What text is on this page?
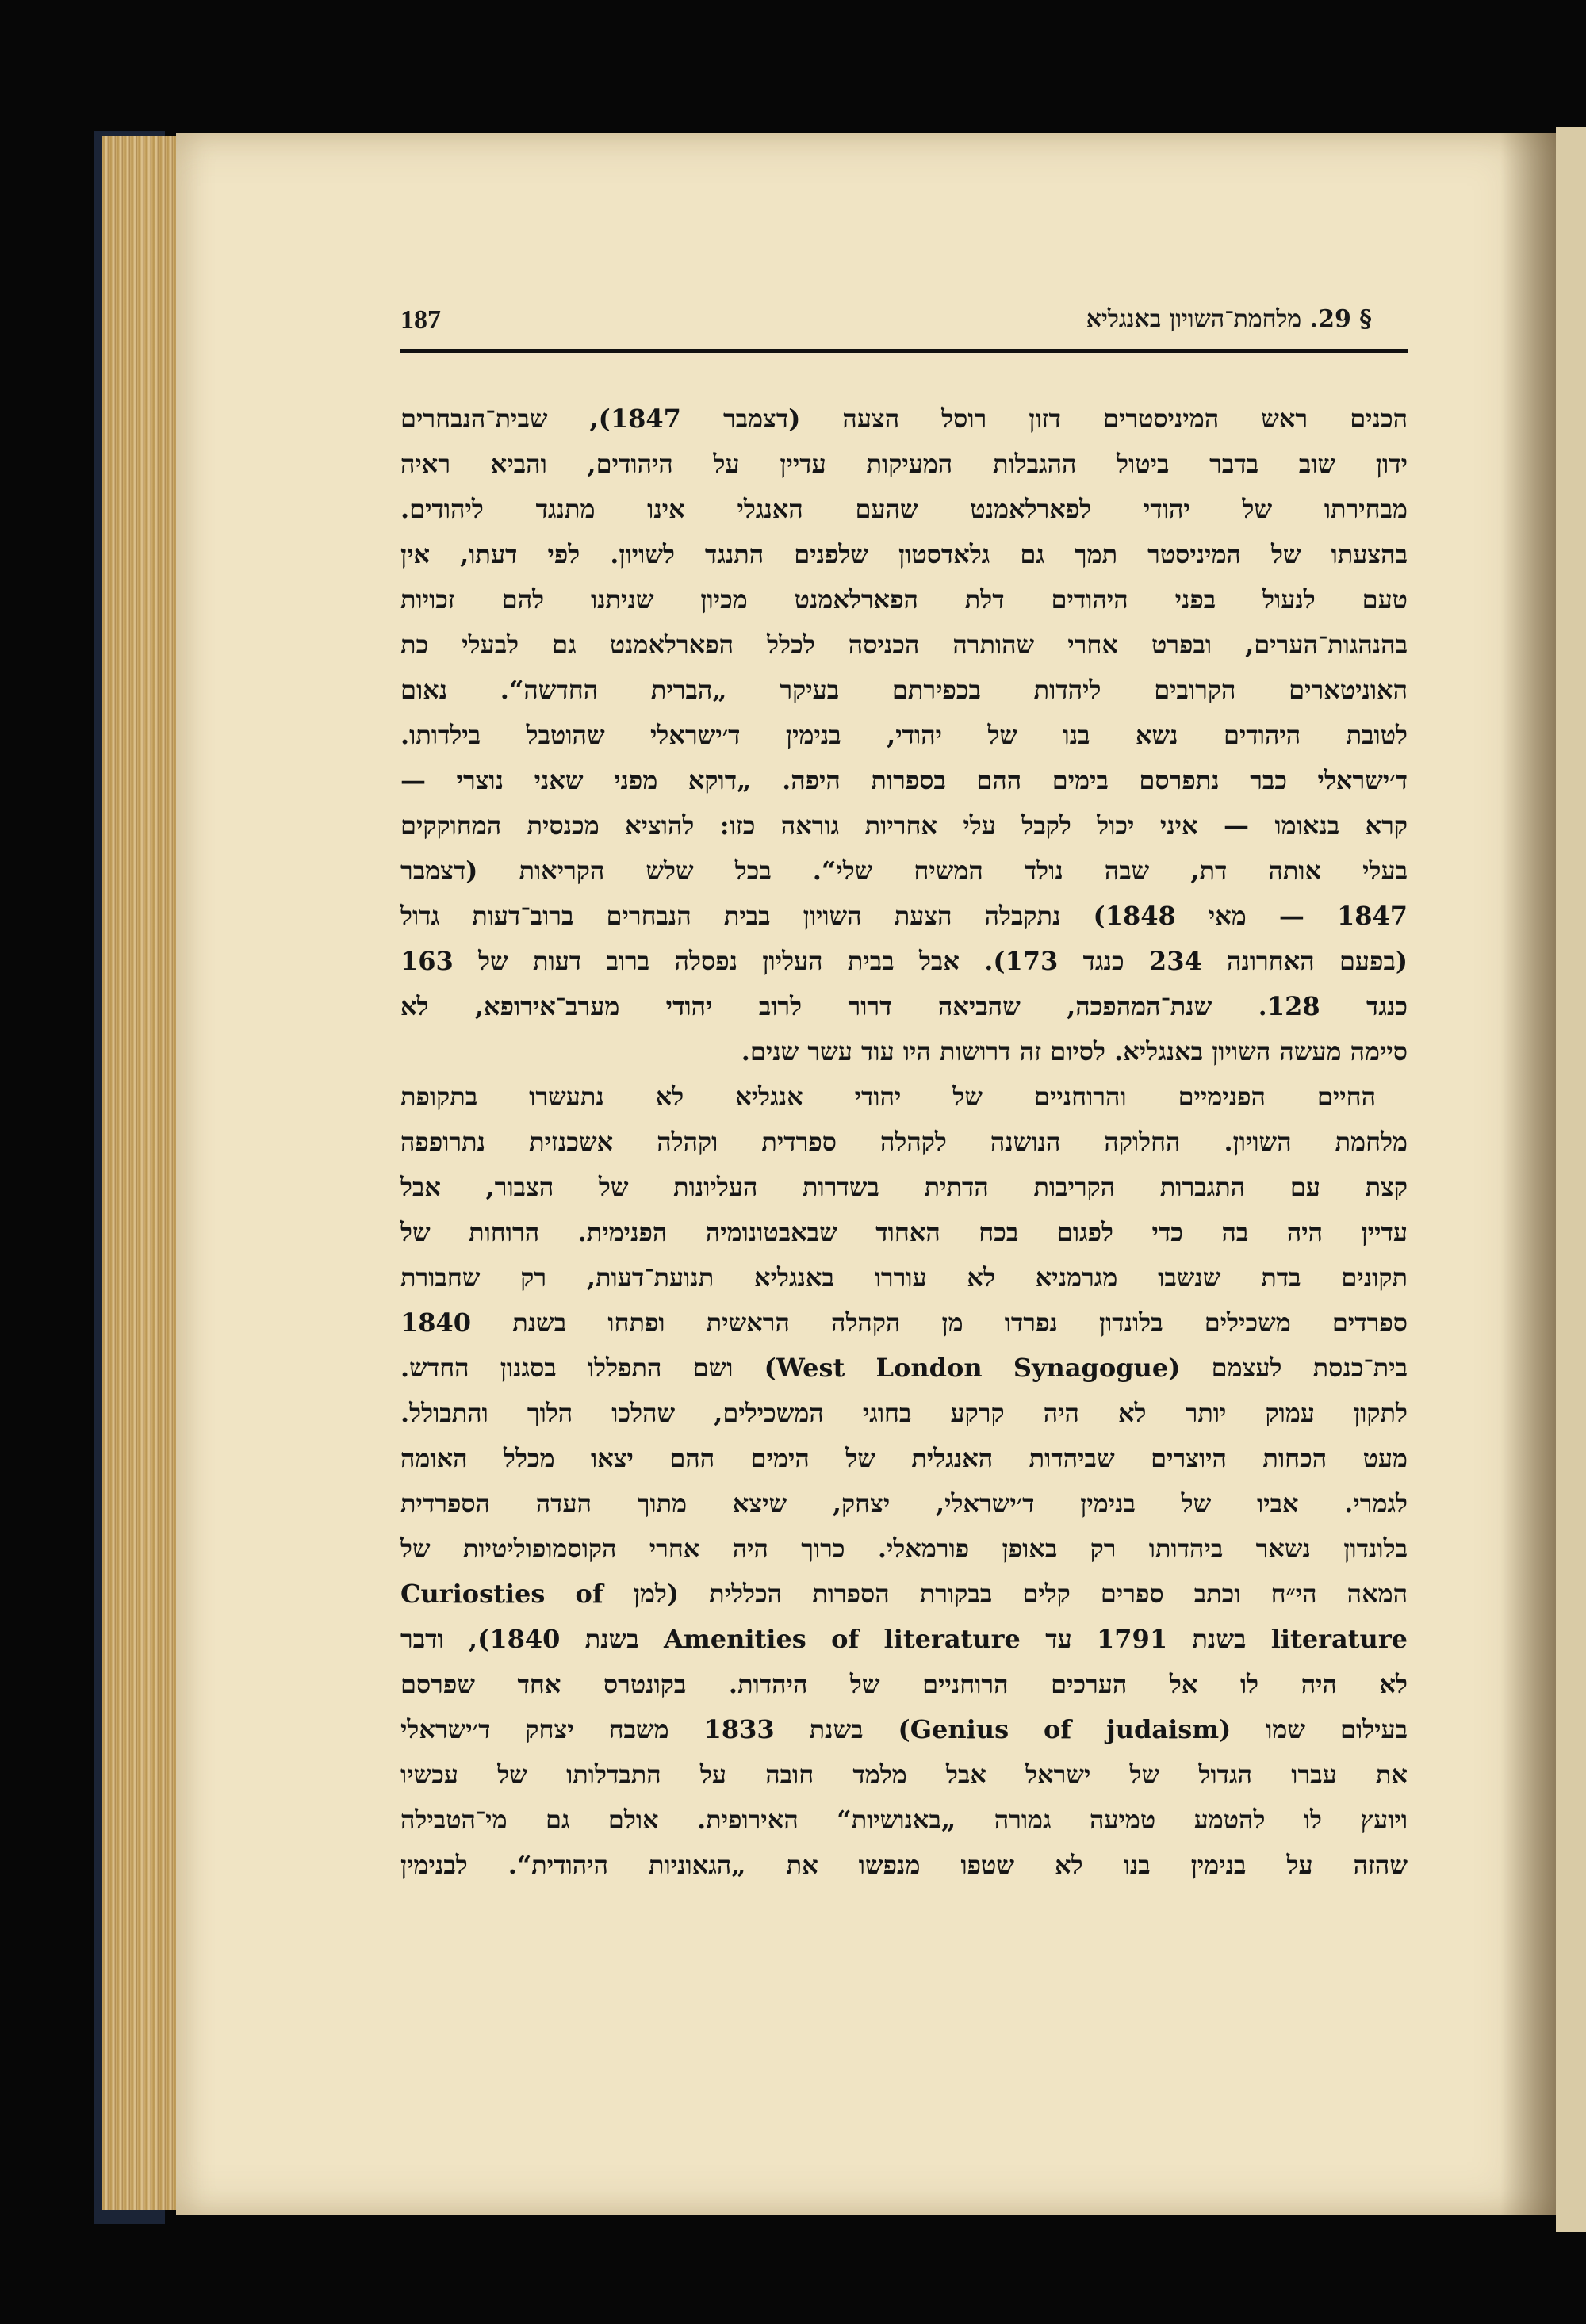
187	§ 29. מלחמת־השויון באנגליא
הכנים ראש המיניסטרים דזון רוסל הצעה (דצמבר 1847), שבית־הנבחרים
ידון שוב בדבר ביטול ההגבלות המעיקות עדיין על היהודים, והביא ראיה
מבחירתו של יהודי לפארלאמנט שהעם האנגלי אינו מתנגד ליהודים.
בהצעתו של המיניסטר תמך גם גלאדסטון שלפנים התנגד לשויון. לפי דעתו, אין
טעם לנעול בפני היהודים דלת הפארלאמנט מכיון שניתנו להם זכויות
בהנהגות־הערים, ובפרט אחרי שהותרה הכניסה לכלל הפארלאמנט גם לבעלי כת
האוניטארים הקרובים ליהדות בכפירתם בעיקר „הברית החדשה“. נאום
לטובת היהודים נשא בנו של יהודי, בנימין ד׳ישראלי שהוטבל בילדותו.
ד׳ישראלי כבר נתפרסם בימים ההם בספרות היפה. „דוקא מפני שאני נוצרי —
קרא בנאומו — איני יכול לקבל עלי אחריות גוראה כזו: להוציא מכנסית המחוקקים
בעלי אותה דת, שבה נולד המשיח שלי“. בכל שלש הקריאות (דצמבר
1847 — מאי 1848) נתקבלה הצעת השויון בבית הנבחרים ברוב־דעות גדול
(בפעם האחרונה 234 כנגד 173). אבל בבית העליון נפסלה ברוב דעות של 163
כנגד 128. שנת־המהפכה, שהביאה דרור לרוב יהודי מערב־אירופא, לא
סיימה מעשה השויון באנגליא. לסיום זה דרושות היו עוד עשר שנים.
החיים הפנימיים והרוחניים של יהודי אנגליא לא נתעשרו בתקופת
מלחמת השויון. החלוקה הנושנה לקהלה ספרדית וקהלה אשכנזית נתרופפה
קצת עם התגברות הקריבות הדתית בשדרות העליונות של הצבור, אבל
עדיין היה בה כדי לפגום בכח האחוד שבאבטונומיה הפנימית. הרוחות של
תקונים בדת שנשבו מגרמניא לא עוררו באנגליא תנועת־דעות, רק שחבורת
ספרדים משכילים בלונדון נפרדו מן הקהלה הראשית ופתחו בשנת 1840
בית־כנסת לעצמם (West London Synagogue) ושם התפללו בסגנון החדש.
לתקון עמוק יותר לא היה קרקע בחוגי המשכילים, שהלכו הלוך והתבולל.
מעט הכחות היוצרים שביהדות האנגלית של הימים ההם יצאו מכלל האומה
לגמרי. אביו של בנימין ד׳ישראלי, יצחק, שיצא מתוך העדה הספרדית
בלונדון נשאר ביהדותו רק באופן פורמאלי. כרוך היה אחרי הקוסמופוליטיות של
המאה הי״ח וכתב ספרים קלים בבקורת הספרות הכללית (למן Curiosties of
literature בשנת 1791 עד Amenities of literature בשנת 1840), ודבר
לא היה לו אל הערכים הרוחניים של היהדות. בקונטרס אחד שפרסם
בעילום שמו (Genius of judaism) בשנת 1833 משבח יצחק ד׳ישראלי
את עברו הגדול של ישראל אבל מלמד חובה על התבדלותו של עכשיו
ויועץ לו להטמע טמיעה גמורה „באנושיות“ האירופית. אולם גם מי־הטבילה
שהזה על בנימין בנו לא שטפו מנפשו את „הגאוניות היהודית“. לבנימין
